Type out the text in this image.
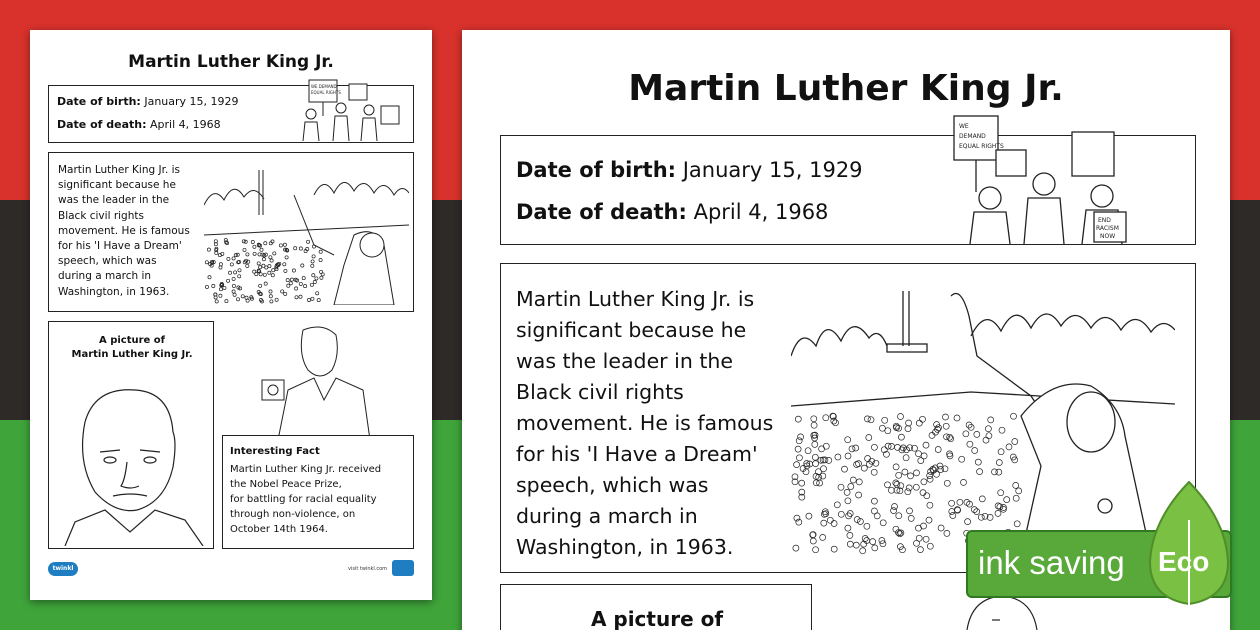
Martin Luther King Jr.
Date of birth: January 15, 1929
Date of death: April 4, 1968
WE DEMAND
EQUAL RIGHTS
Martin Luther King Jr. is
significant because he
was the leader in the
Black civil rights
movement. He is famous
for his 'I Have a Dream'
speech, which was
during a march in
Washington, in 1963.
A picture of
Martin Luther King Jr.
Interesting Fact
Martin Luther King Jr. received
the Nobel Peace Prize,
for battling for racial equality
through non-violence, on
October 14th 1964.
twinkl	visit twinkl.com
Martin Luther King Jr.
Date of birth: January 15, 1929
Date of death: April 4, 1968
WE
DEMAND
EQUAL RIGHTS
END
RACISM
NOW
Martin Luther King Jr. is
significant because he
was the leader in the
Black civil rights
movement. He is famous
for his 'I Have a Dream'
speech, which was
during a march in
Washington, in 1963.
A picture of
ink saving Eco
